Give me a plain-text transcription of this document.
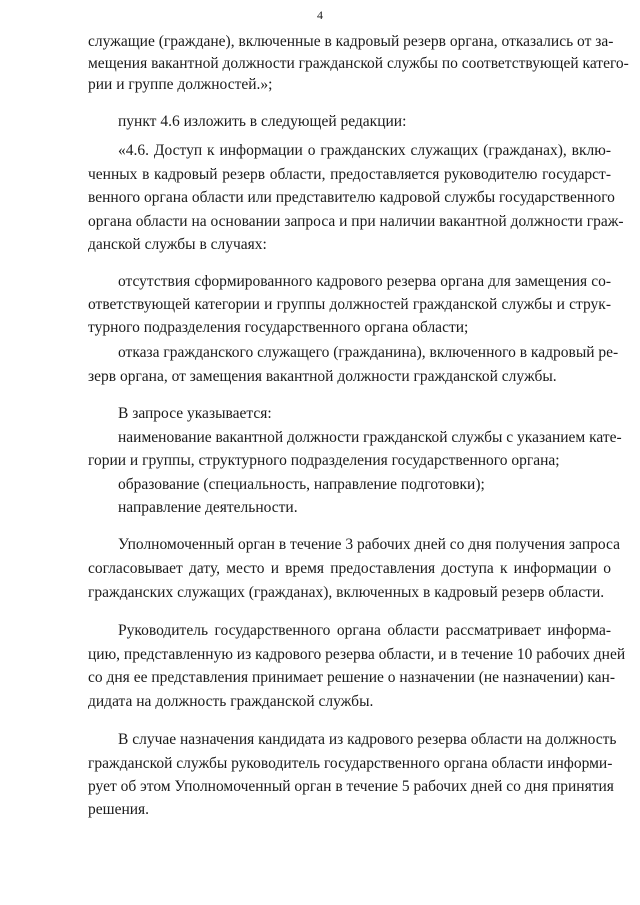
4
служащие (граждане), включенные в кадровый резерв органа, отказались от за-
мещения вакантной должности гражданской службы по соответствующей катего-
рии и группе должностей.»;
пункт 4.6 изложить в следующей редакции:
«4.6. Доступ к информации о гражданских служащих (гражданах), вклю-
ченных в кадровый резерв области, предоставляется руководителю государст-
венного органа области или представителю кадровой службы государственного
органа области на основании запроса и при наличии вакантной должности граж-
данской службы в случаях:
отсутствия сформированного кадрового резерва органа для замещения со-
ответствующей категории и группы должностей гражданской службы и струк-
турного подразделения государственного органа области;
отказа гражданского служащего (гражданина), включенного в кадровый ре-
зерв органа, от замещения вакантной должности гражданской службы.
В запросе указывается:
наименование вакантной должности гражданской службы с указанием кате-
гории и группы, структурного подразделения государственного органа;
образование (специальность, направление подготовки);
направление деятельности.
Уполномоченный орган в течение 3 рабочих дней со дня получения запроса
согласовывает дату, место и время предоставления доступа к информации о
гражданских служащих (гражданах), включенных в кадровый резерв области.
Руководитель государственного органа области рассматривает информа-
цию, представленную из кадрового резерва области, и в течение 10 рабочих дней
со дня ее представления принимает решение о назначении (не назначении) кан-
дидата на должность гражданской службы.
В случае назначения кандидата из кадрового резерва области на должность
гражданской службы руководитель государственного органа области информи-
рует об этом Уполномоченный орган в течение 5 рабочих дней со дня принятия
решения.
